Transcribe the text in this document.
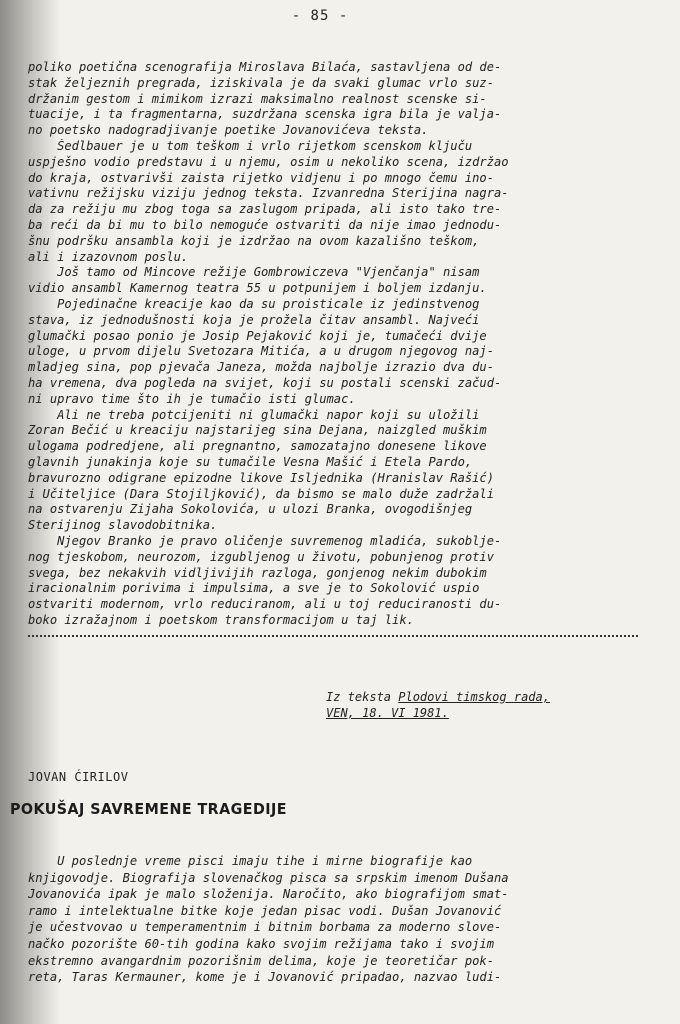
- 85 -
poliko poetična scenografija Miroslava Bilaća, sastavljena od de-
stak željeznih pregrada, iziskivala je da svaki glumac vrlo suz-
držanim gestom i mimikom izrazi maksimalno realnost scenske si-
tuacije, i ta fragmentarna, suzdržana scenska igra bila je valja-
no poetsko nadogradjivanje poetike Jovanovićeva teksta.
Šedlbauer je u tom teškom i vrlo rijetkom scenskom ključu
uspješno vodio predstavu i u njemu, osim u nekoliko scena, izdržao
do kraja, ostvarivši zaista rijetko vidjenu i po mnogo čemu ino-
vativnu režijsku viziju jednog teksta. Izvanredna Sterijina nagra-
da za režiju mu zbog toga sa zaslugom pripada, ali isto tako tre-
ba reći da bi mu to bilo nemoguće ostvariti da nije imao jednodu-
šnu podršku ansambla koji je izdržao na ovom kazališno teškom,
ali i izazovnom poslu.
Još tamo od Mincove režije Gombrowiczeva "Vjenčanja" nisam
vidio ansambl Kamernog teatra 55 u potpunijem i boljem izdanju.
Pojedinačne kreacije kao da su proisticale iz jedinstvenog
stava, iz jednodušnosti koja je prožela čitav ansambl. Najveći
glumački posao ponio je Josip Pejaković koji je, tumačeći dvije
uloge, u prvom dijelu Svetozara Mitića, a u drugom njegovog naj-
mladjeg sina, pop pjevača Janeza, možda najbolje izrazio dva du-
ha vremena, dva pogleda na svijet, koji su postali scenski začud-
ni upravo time što ih je tumačio isti glumac.
Ali ne treba potcijeniti ni glumački napor koji su uložili
Zoran Bečić u kreaciju najstarijeg sina Dejana, naizgled muškim
ulogama podredjene, ali pregnantno, samozatajno donesene likove
glavnih junakinja koje su tumačile Vesna Mašić i Etela Pardo,
bravurozno odigrane epizodne likove Isljednika (Hranislav Rašić)
i Učiteljice (Dara Stojiljković), da bismo se malo duže zadržali
na ostvarenju Zijaha Sokolovića, u ulozi Branka, ovogodišnjeg
Sterijinog slavodobitnika.
Njegov Branko je pravo oličenje suvremenog mladića, sukoblje-
nog tjeskobom, neurozom, izgubljenog u životu, pobunjenog protiv
svega, bez nekakvih vidljivijih razloga, gonjenog nekim dubokim
iracionalnim porivima i impulsima, a sve je to Sokolović uspio
ostvariti modernom, vrlo reduciranom, ali u toj reduciranosti du-
boko izražajnom i poetskom transformacijom u taj lik.
Iz teksta Plodovi timskog rada,
VEN, 18. VI 1981.
JOVAN ĆIRILOV
POKUŠAJ SAVREMENE TRAGEDIJE
U poslednje vreme pisci imaju tihe i mirne biografije kao
knjigovodje. Biografija slovenačkog pisca sa srpskim imenom Dušana
Jovanovića ipak je malo složenija. Naročito, ako biografijom smat-
ramo i intelektualne bitke koje jedan pisac vodi. Dušan Jovanović
je učestvovao u temperamentnim i bitnim borbama za moderno slove-
načko pozorište 60-tih godina kako svojim režijama tako i svojim
ekstremno avangardnim pozorišnim delima, koje je teoretičar pok-
reta, Taras Kermauner, kome je i Jovanović pripadao, nazvao ludi-
